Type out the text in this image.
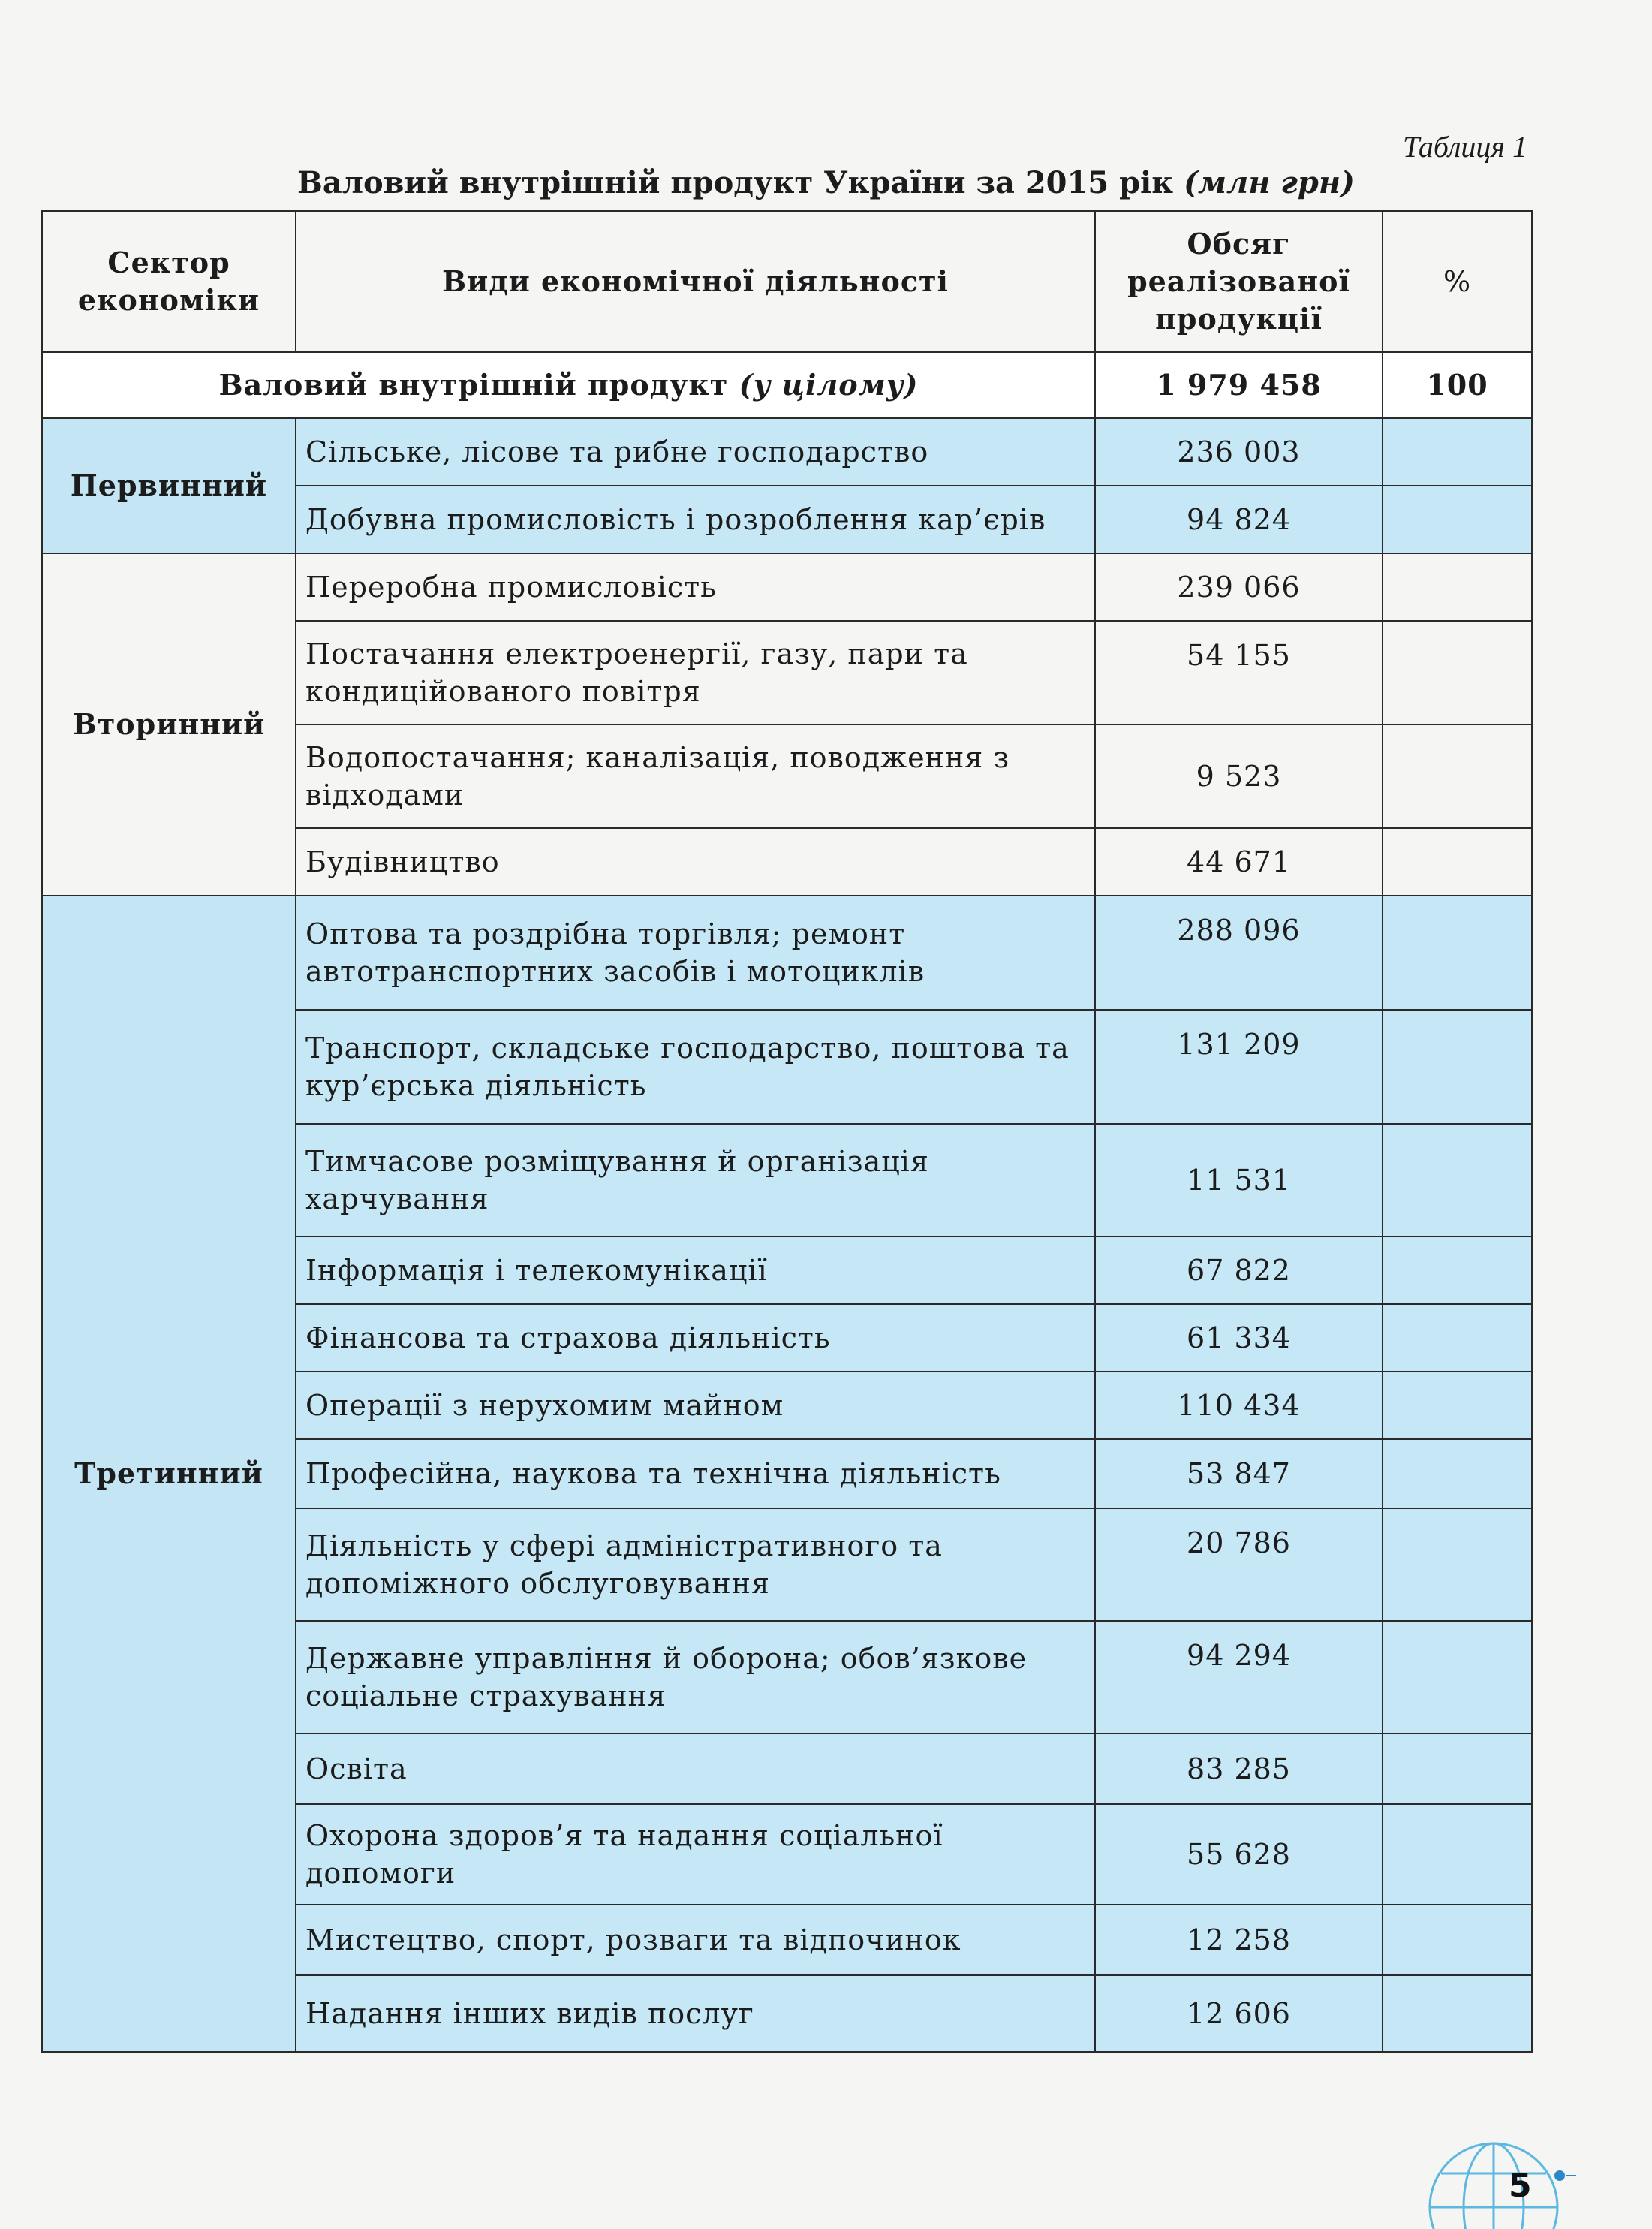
Таблиця 1
Валовий внутрішній продукт України за 2015 рік (млн грн)
Сектор економіки	Види економічної діяльності	Обсяг реалізованої продукції	%
Валовий внутрішній продукт (у цілому)		1 979 458	100
Первинний	Сільське, лісове та рибне господарство	236 003	
	Добувна промисловість і розроблення кар’єрів	94 824	
Вторинний	Переробна промисловість	239 066	
	Постачання електроенергії, газу, пари та кондиційованого повітря	54 155	
	Водопостачання; каналізація, поводження з відходами	9 523	
	Будівництво	44 671	
Третинний	Оптова та роздрібна торгівля; ремонт автотранспортних засобів і мотоциклів	288 096	
	Транспорт, складське господарство, поштова та кур’єрська діяльність	131 209	
	Тимчасове розміщування й організація харчування	11 531	
	Інформація і телекомунікації	67 822	
	Фінансова та страхова діяльність	61 334	
	Операції з нерухомим майном	110 434	
	Професійна, наукова та технічна діяльність	53 847	
	Діяльність у сфері адміністративного та допоміжного обслуговування	20 786	
	Державне управління й оборона; обов’язкове соціальне страхування	94 294	
	Освіта	83 285	
	Охорона здоров’я та надання соціальної допомоги	55 628	
	Мистецтво, спорт, розваги та відпочинок	12 258	
	Надання інших видів послуг	12 606	
5
